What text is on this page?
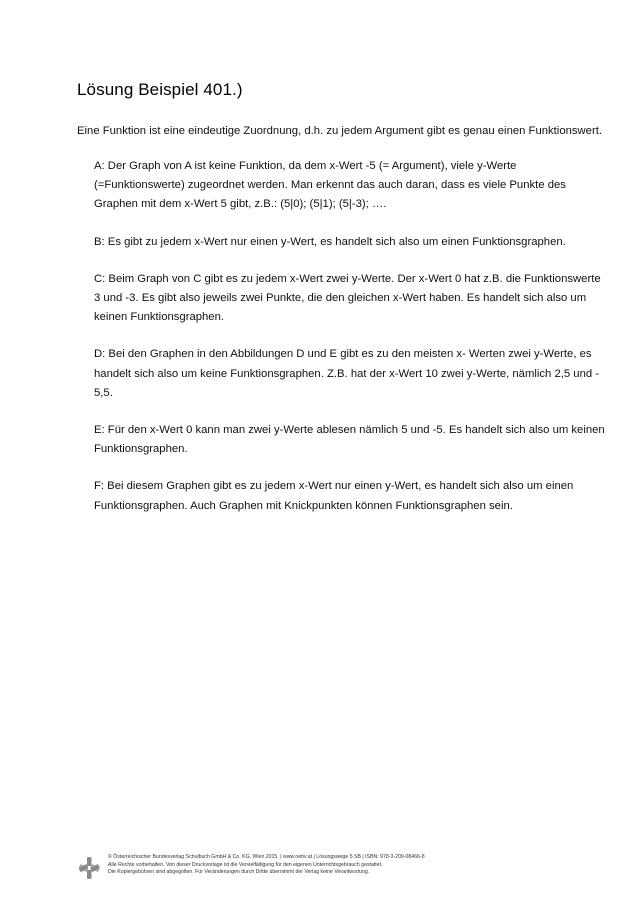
Lösung Beispiel 401.)
Eine Funktion ist eine eindeutige Zuordnung, d.h. zu jedem Argument gibt es genau einen Funktionswert.
A: Der Graph von A ist keine Funktion, da dem x-Wert -5 (= Argument), viele y-Werte
(=Funktionswerte) zugeordnet werden. Man erkennt das auch daran, dass es viele Punkte des
Graphen mit dem x-Wert 5 gibt, z.B.: (5|0); (5|1); (5|-3); ….
B: Es gibt zu jedem x-Wert nur einen y-Wert, es handelt sich also um einen Funktionsgraphen.
C: Beim Graph von C gibt es zu jedem x-Wert zwei y-Werte. Der x-Wert 0 hat z.B. die Funktionswerte
3 und -3. Es gibt also jeweils zwei Punkte, die den gleichen x-Wert haben. Es handelt sich also um
keinen Funktionsgraphen.
D: Bei den Graphen in den Abbildungen D und E gibt es zu den meisten x- Werten zwei y-Werte, es
handelt sich also um keine Funktionsgraphen. Z.B. hat der x-Wert 10 zwei y-Werte, nämlich 2,5 und -
5,5.
E: Für den x-Wert 0 kann man zwei y-Werte ablesen nämlich 5 und -5. Es handelt sich also um keinen
Funktionsgraphen.
F: Bei diesem Graphen gibt es zu jedem x-Wert nur einen y-Wert, es handelt sich also um einen
Funktionsgraphen. Auch Graphen mit Knickpunkten können Funktionsgraphen sein.
© Österreichischer Bundesverlag Schulbuch GmbH & Co. KG, Wien 2015. | www.oebv.at | Lösungswege 5 SB | ISBN: 978-3-209-08466-8
Alle Rechte vorbehalten. Von dieser Druckvorlage ist die Vervielfältigung für den eigenen Unterrichtsgebrauch gestattet.
Die Kopiergebühren sind abgegolten. Für Veränderungen durch Dritte übernimmt der Verlag keine Verantwortung.
